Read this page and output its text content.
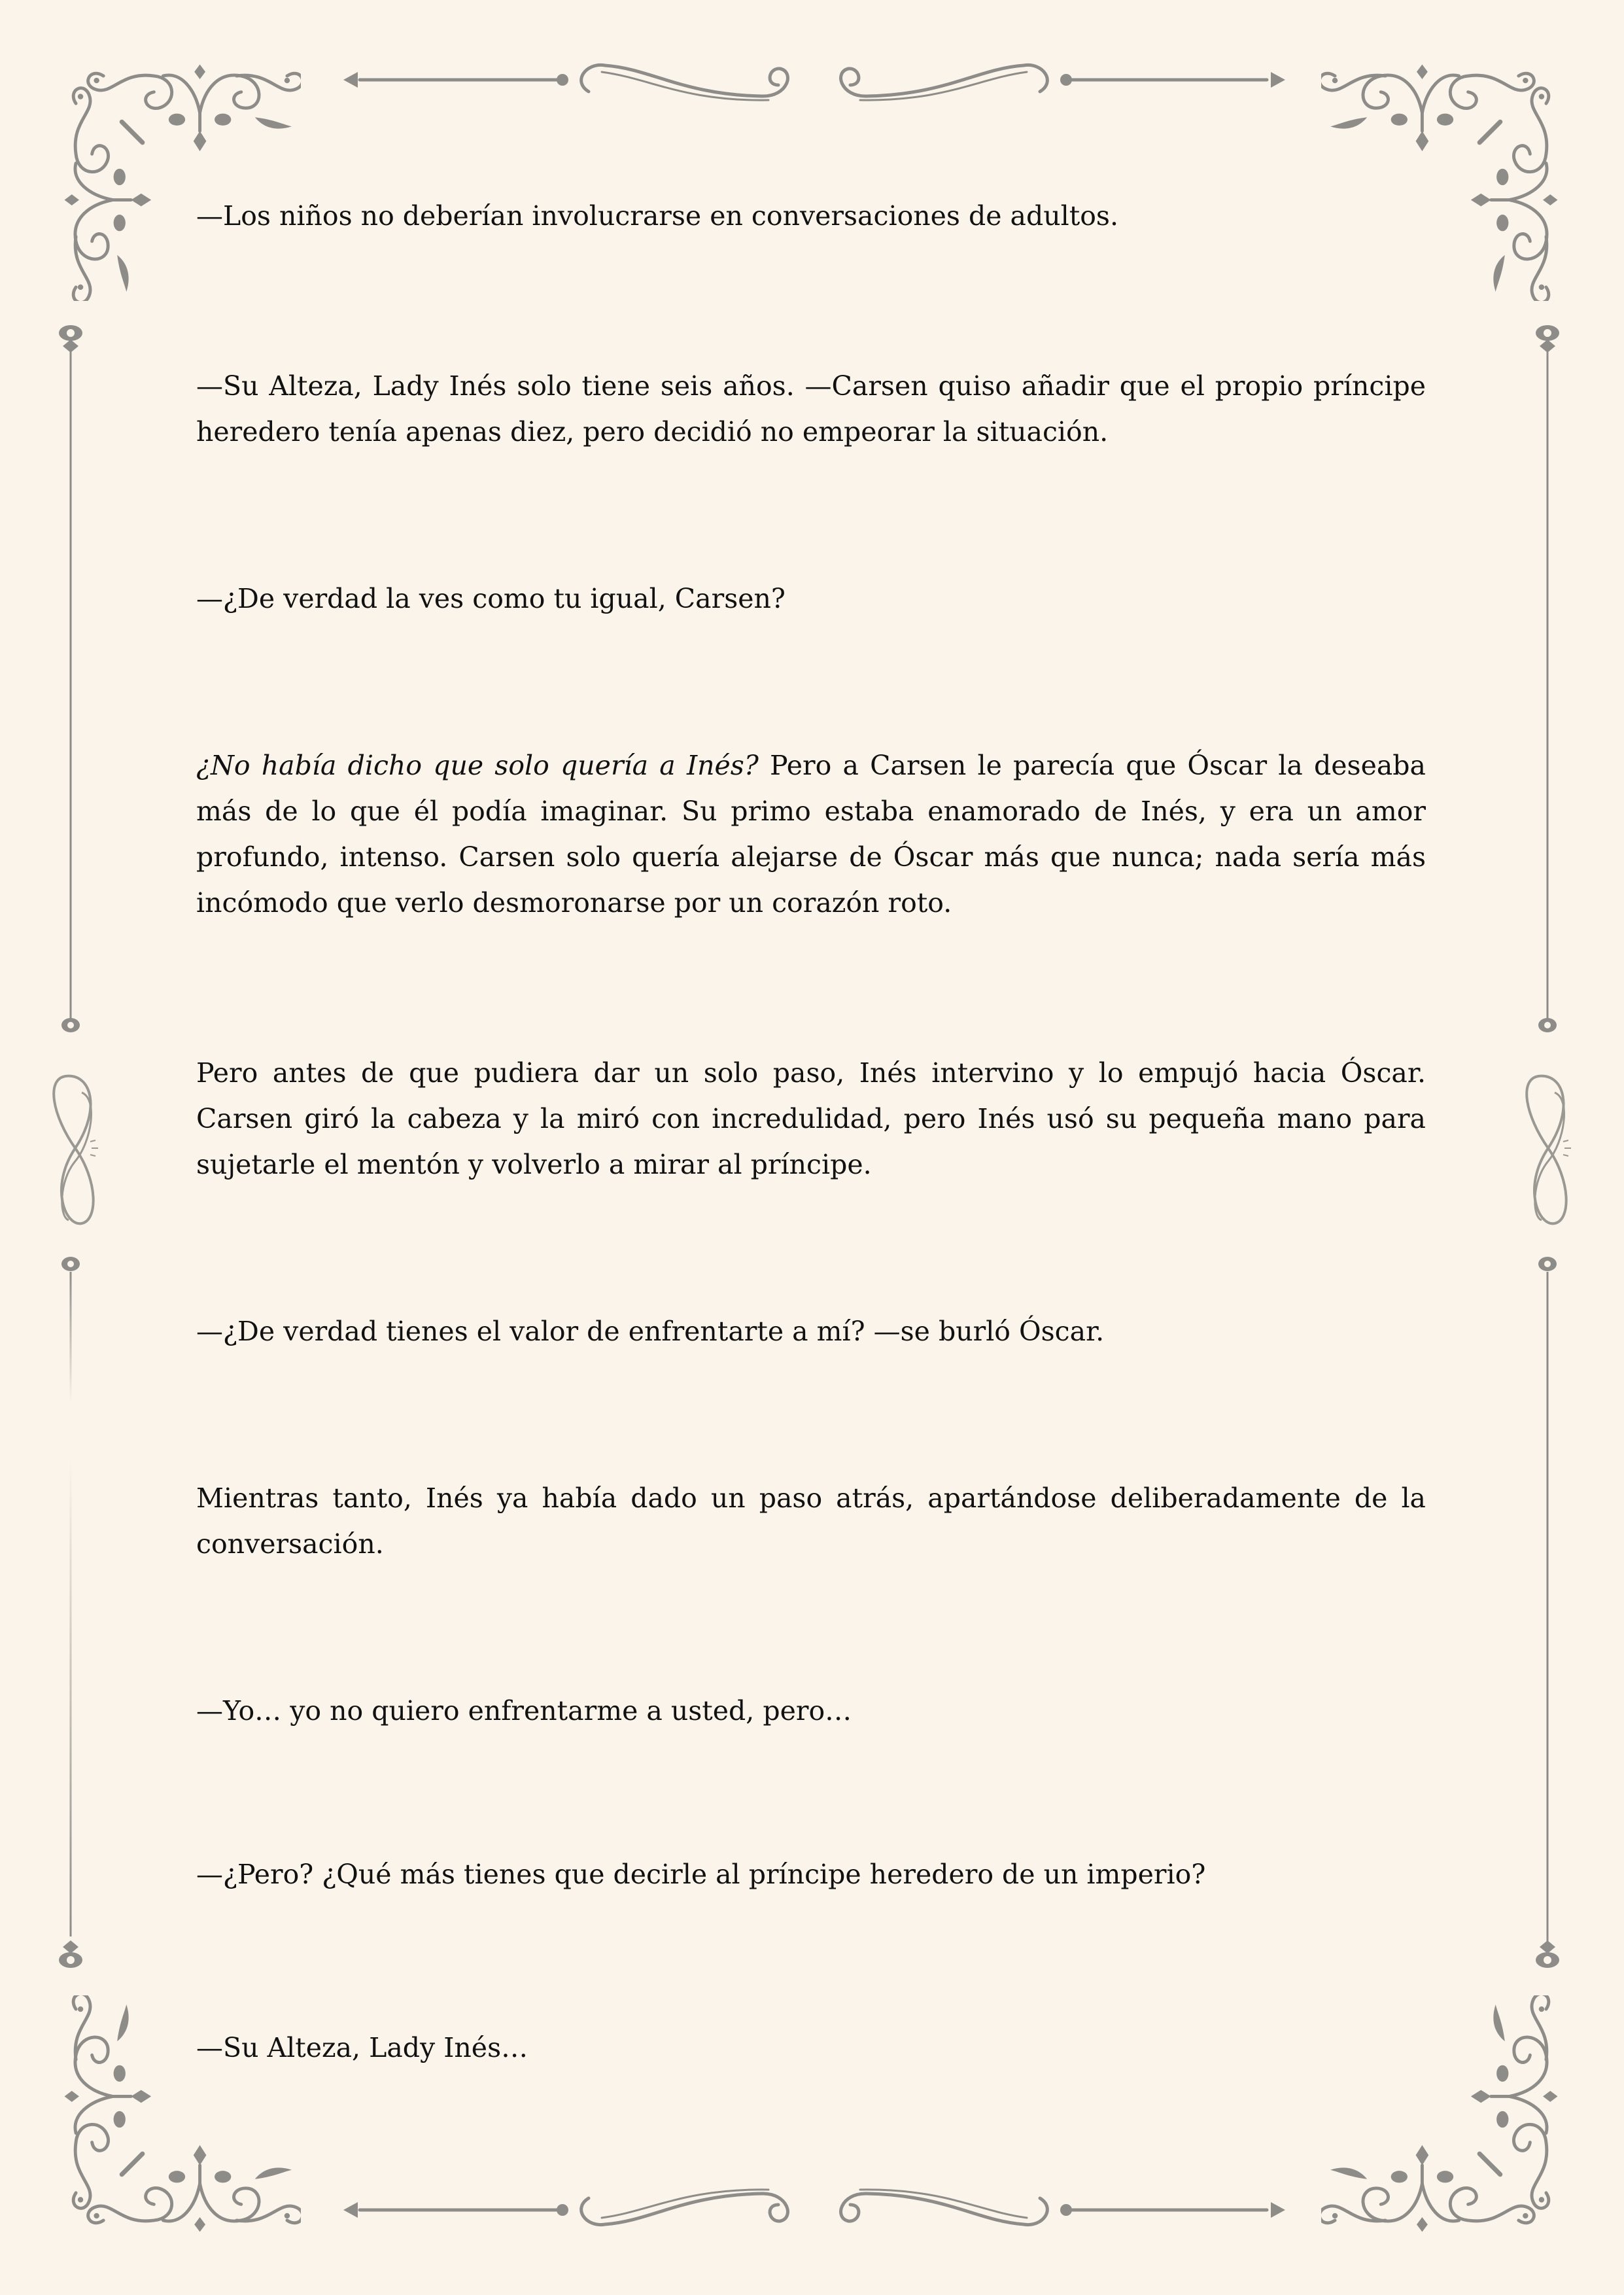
—Los niños no deberían involucrarse en conversaciones de adultos.

—Su Alteza, Lady Inés solo tiene seis años. —Carsen quiso añadir que el propio príncipe heredero tenía apenas diez, pero decidió no empeorar la situación.

—¿De verdad la ves como tu igual, Carsen?

¿No había dicho que solo quería a Inés? Pero a Carsen le parecía que Óscar la deseaba más de lo que él podía imaginar. Su primo estaba enamorado de Inés, y era un amor profundo, intenso. Carsen solo quería alejarse de Óscar más que nunca; nada sería más incómodo que verlo desmoronarse por un corazón roto.

Pero antes de que pudiera dar un solo paso, Inés intervino y lo empujó hacia Óscar. Carsen giró la cabeza y la miró con incredulidad, pero Inés usó su pequeña mano para sujetarle el mentón y volverlo a mirar al príncipe.

—¿De verdad tienes el valor de enfrentarte a mí? —se burló Óscar.

Mientras tanto, Inés ya había dado un paso atrás, apartándose deliberadamente de la conversación.

—Yo… yo no quiero enfrentarme a usted, pero…

—¿Pero? ¿Qué más tienes que decirle al príncipe heredero de un imperio?

—Su Alteza, Lady Inés…
